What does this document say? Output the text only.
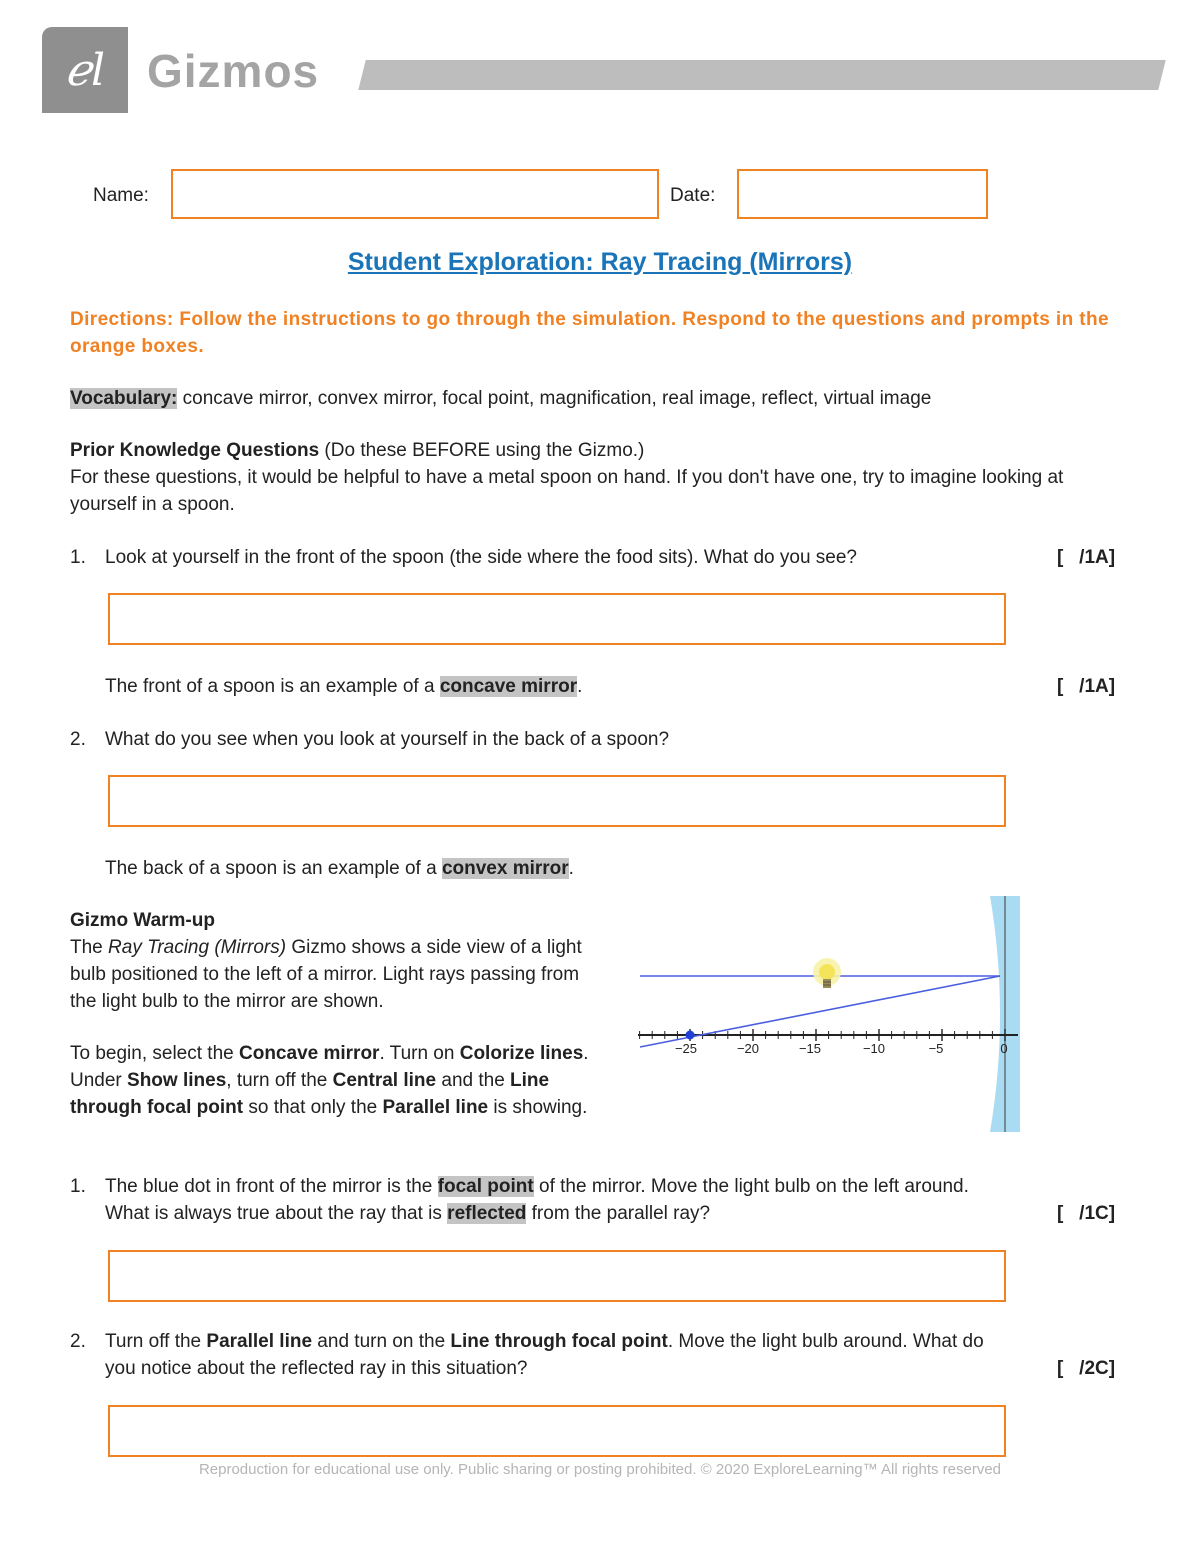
ℯl Gizmos
Name:	Date:
Student Exploration: Ray Tracing (Mirrors)
Directions: Follow the instructions to go through the simulation. Respond to the questions and prompts in the orange boxes.
Vocabulary: concave mirror, convex mirror, focal point, magnification, real image, reflect, virtual image
Prior Knowledge Questions (Do these BEFORE using the Gizmo.)
For these questions, it would be helpful to have a metal spoon on hand. If you don't have one, try to imagine looking at yourself in a spoon.
1. Look at yourself in the front of the spoon (the side where the food sits). What do you see?	[   /1A]
The front of a spoon is an example of a concave mirror.	[   /1A]
2. What do you see when you look at yourself in the back of a spoon?
The back of a spoon is an example of a convex mirror.
Gizmo Warm-up
The Ray Tracing (Mirrors) Gizmo shows a side view of a light bulb positioned to the left of a mirror. Light rays passing from the light bulb to the mirror are shown.
To begin, select the Concave mirror. Turn on Colorize lines. Under Show lines, turn off the Central line and the Line through focal point so that only the Parallel line is showing.
−25	−20	−15	−10	−5	0
1. The blue dot in front of the mirror is the focal point of the mirror. Move the light bulb on the left around.
What is always true about the ray that is reflected from the parallel ray?	[   /1C]
2. Turn off the Parallel line and turn on the Line through focal point. Move the light bulb around. What do
you notice about the reflected ray in this situation?	[   /2C]
Reproduction for educational use only. Public sharing or posting prohibited. © 2020 ExploreLearning™ All rights reserved
